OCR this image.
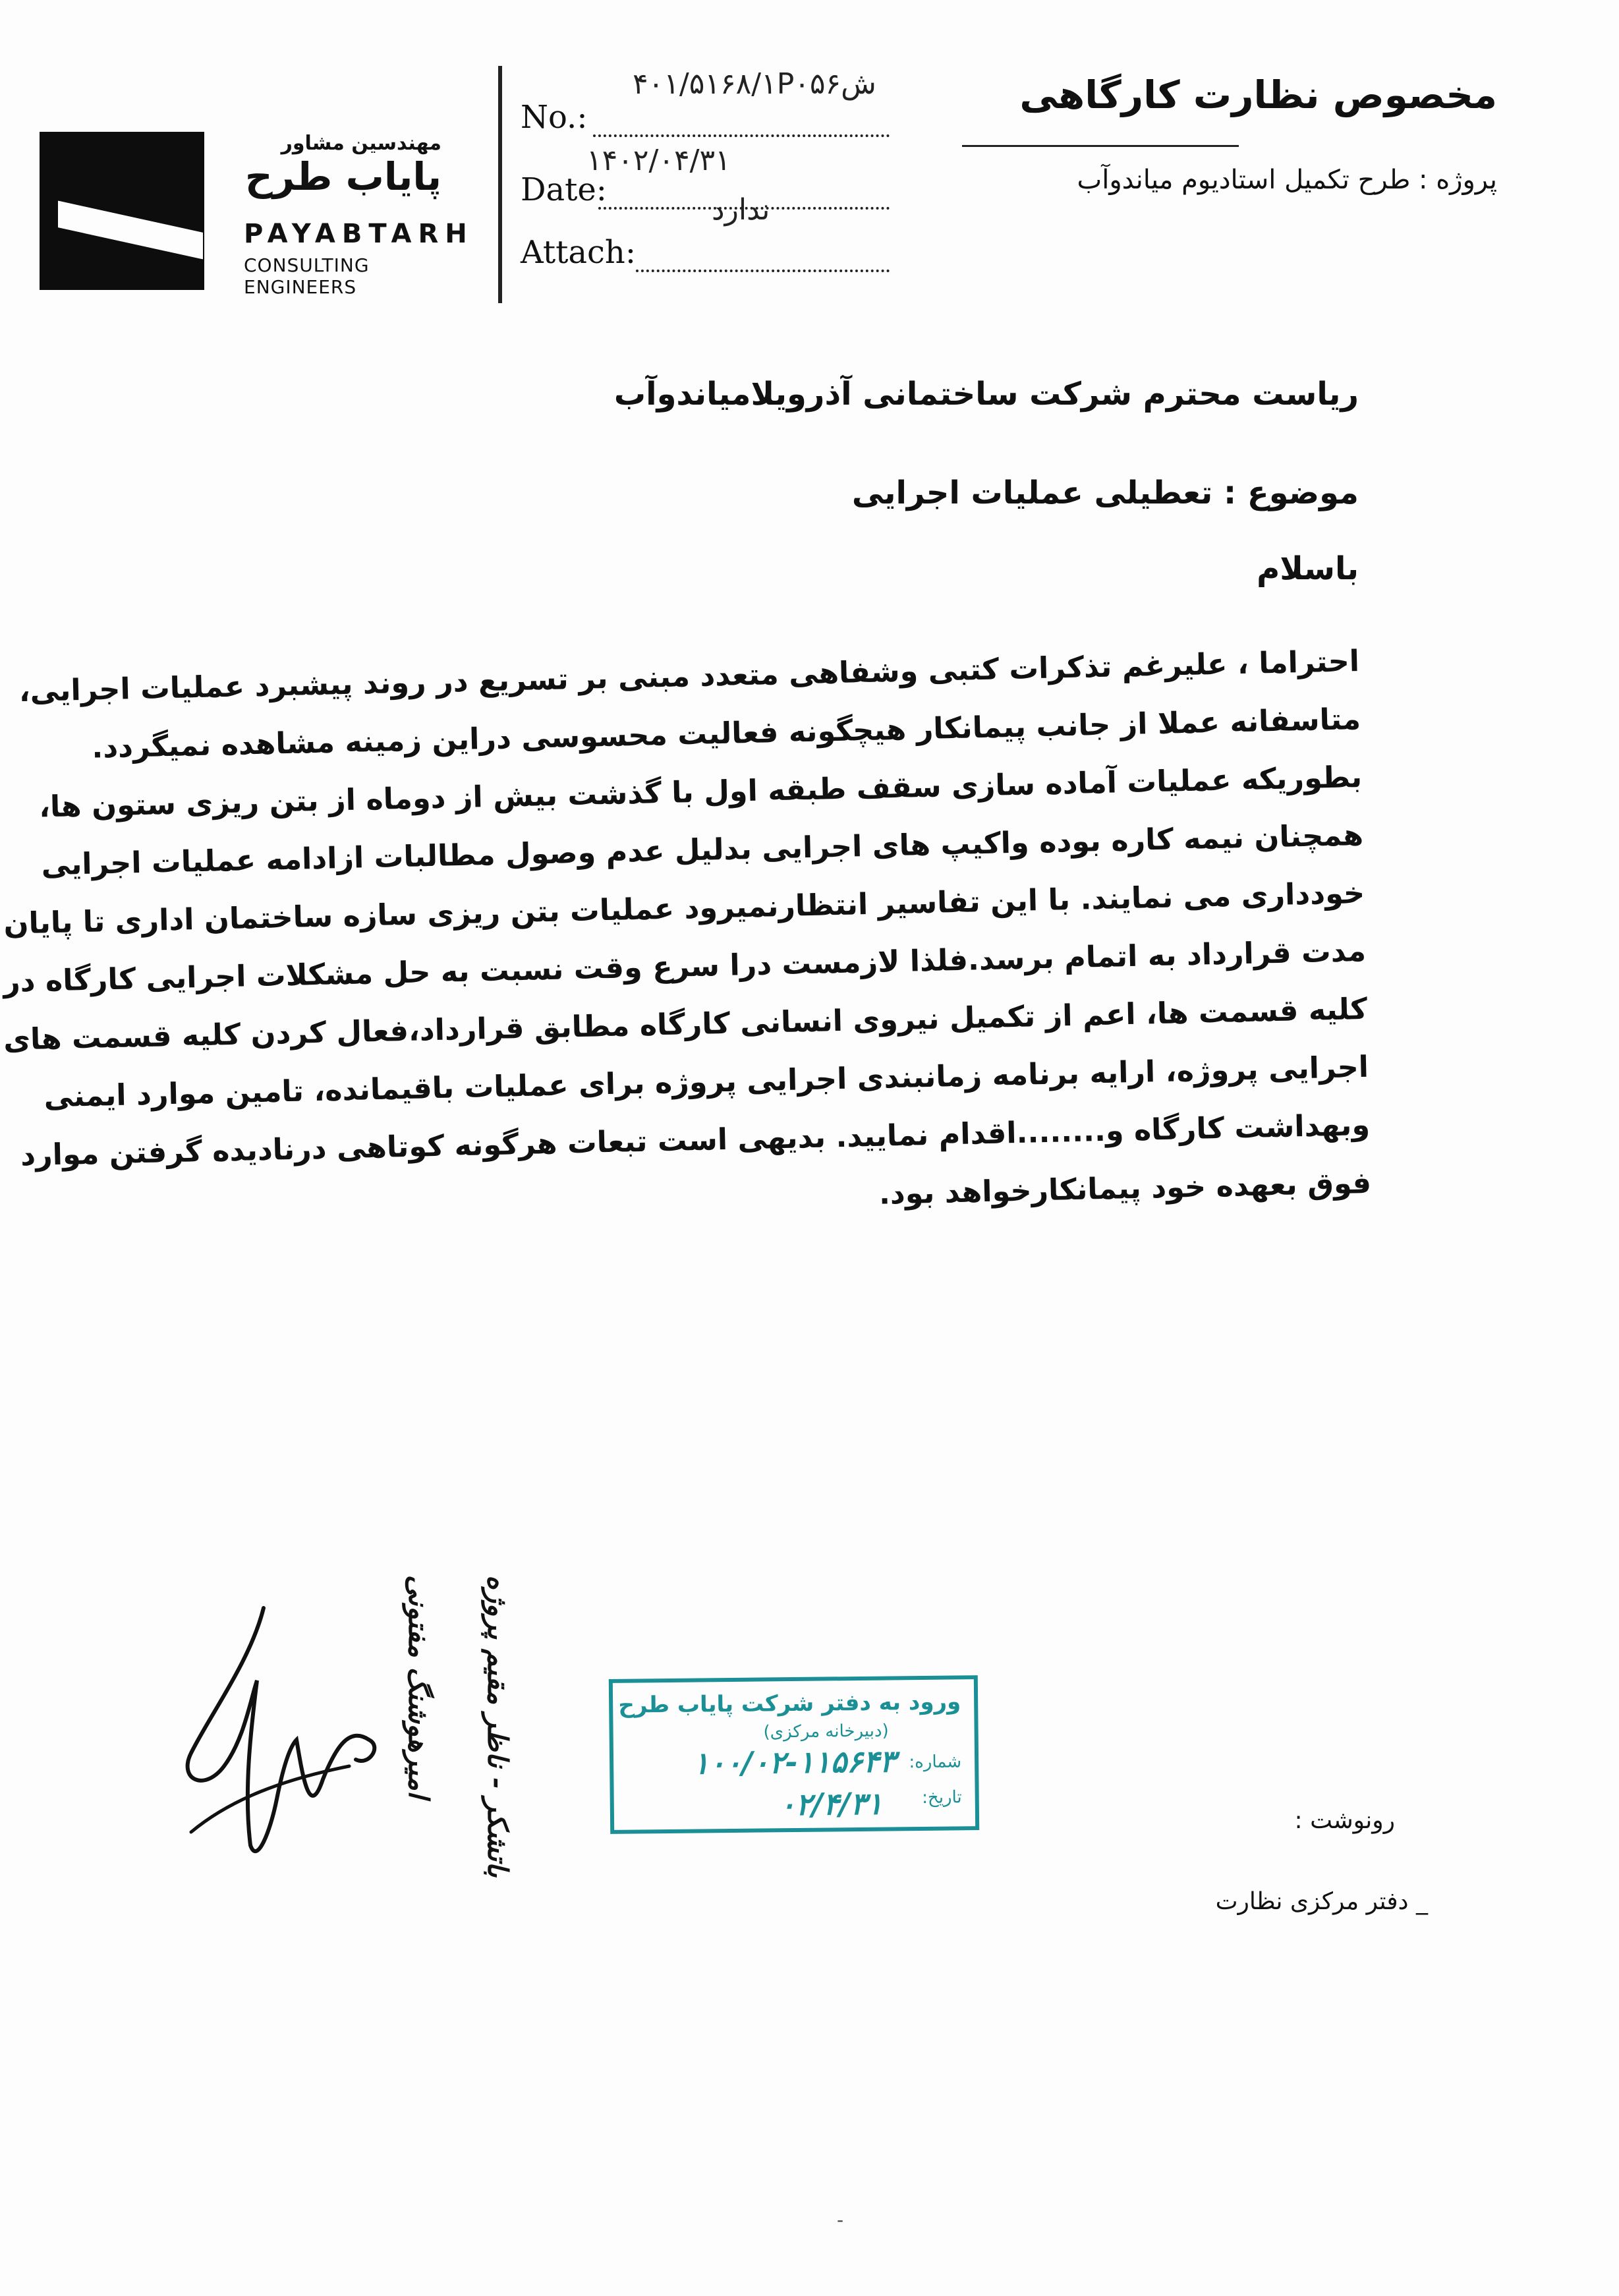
مهندسین مشاور
پایاب طرح
PAYABTARH
CONSULTING ENGINEERS
No.:
۴۰۱/۵۱۶۸/۱P۰۵۶ش
Date:
۱۴۰۲/۰۴/۳۱
Attach:
ندارد
مخصوص نظارت کارگاهی
پروژه : طرح تکمیل استادیوم میاندوآب
ریاست محترم شرکت ساختمانی آذرویلامیاندوآب
موضوع : تعطیلی عملیات اجرایی
باسلام

احتراما ، علیرغم تذکرات کتبی وشفاهی متعدد مبنی بر تسریع در روند پیشبرد عملیات اجرایی،

متاسفانه عملا از جانب پیمانکار هیچگونه فعالیت محسوسی دراین زمینه مشاهده نمیگردد.

بطوریکه عملیات آماده سازی سقف طبقه اول با گذشت بیش از دوماه از بتن ریزی ستون ها،

همچنان نیمه کاره بوده واکیپ های اجرایی بدلیل عدم وصول مطالبات ازادامه عملیات اجرایی

خودداری می نمایند. با این تفاسیر انتظارنمیرود عملیات بتن ریزی سازه ساختمان اداری تا پایان

مدت قرارداد به اتمام برسد.فلذا لازمست درا سرع وقت نسبت به حل مشکلات اجرایی کارگاه در

کلیه قسمت ها، اعم از تکمیل نیروی انسانی کارگاه مطابق قرارداد،فعال کردن کلیه قسمت های

اجرایی پروژه، ارایه برنامه زمانبندی اجرایی پروژه برای عملیات باقیمانده، تامین موارد ایمنی

وبهداشت کارگاه و........اقدام نمایید. بدیهی است تبعات هرگونه کوتاهی درنادیده گرفتن موارد

فوق بعهده خود پیمانکارخواهد بود.

باتشکر - ناظر مقیم پروژه
امیرهوشنگ مفتونی	ورود به دفتر شرکت پایاب طرح
(دبیرخانه مرکزی)
شماره:
تاریخ:
۱۰۰/۰۲-۱۱۵۶۴۳
۰۲/۴/۳۱	رونوشت :
_ دفتر مرکزی نظارت
-
